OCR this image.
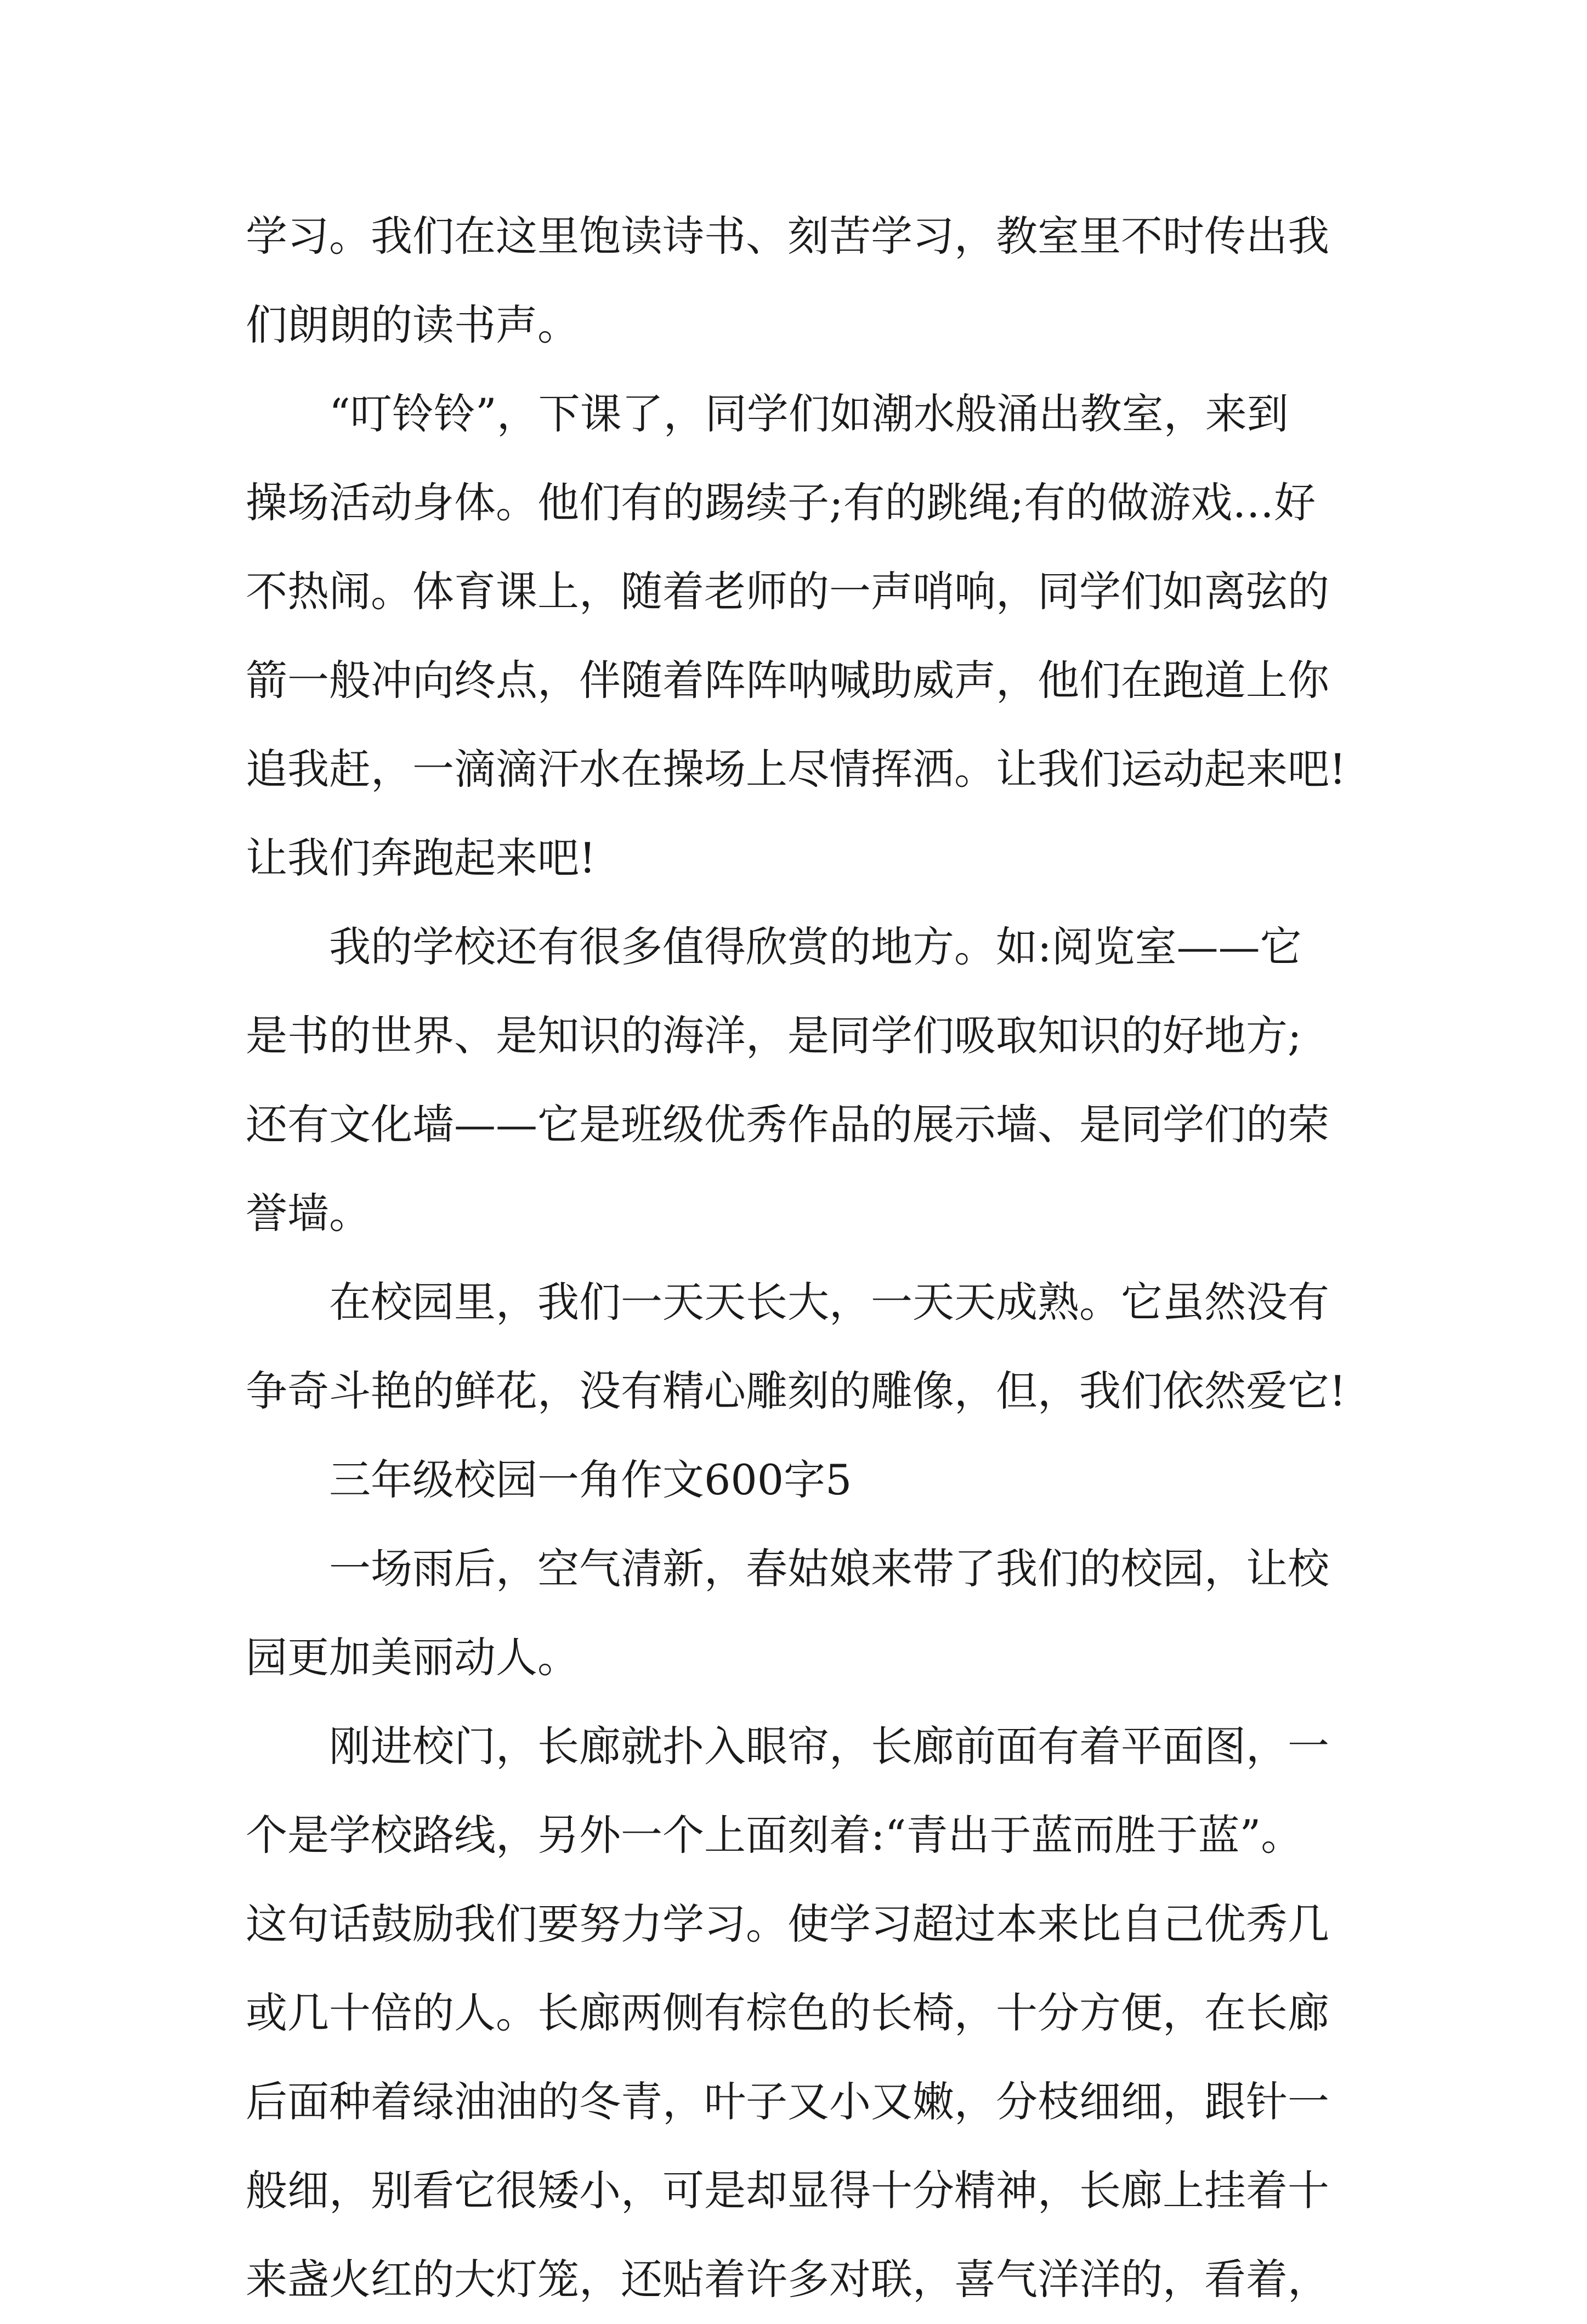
学习。我们在这里饱读诗书、刻苦学习，教室里不时传出我
们朗朗的读书声。
“叮铃铃”，下课了，同学们如潮水般涌出教室，来到
操场活动身体。他们有的踢续子;有的跳绳;有的做游戏…好
不热闹。体育课上，随着老师的一声哨响，同学们如离弦的
箭一般冲向终点，伴随着阵阵呐喊助威声，他们在跑道上你
追我赶，一滴滴汗水在操场上尽情挥洒。让我们运动起来吧!
让我们奔跑起来吧!
我的学校还有很多值得欣赏的地方。如:阅览室——它
是书的世界、是知识的海洋，是同学们吸取知识的好地方;
还有文化墙——它是班级优秀作品的展示墙、是同学们的荣
誉墙。
在校园里，我们一天天长大，一天天成熟。它虽然没有
争奇斗艳的鲜花，没有精心雕刻的雕像，但，我们依然爱它!
三年级校园一角作文600字5
一场雨后，空气清新，春姑娘来带了我们的校园，让校
园更加美丽动人。
刚进校门，长廊就扑入眼帘，长廊前面有着平面图，一
个是学校路线，另外一个上面刻着:“青出于蓝而胜于蓝”。
这句话鼓励我们要努力学习。使学习超过本来比自己优秀几
或几十倍的人。长廊两侧有棕色的长椅，十分方便，在长廊
后面种着绿油油的冬青，叶子又小又嫩，分枝细细，跟针一
般细，别看它很矮小，可是却显得十分精神，长廊上挂着十
来盏火红的大灯笼，还贴着许多对联，喜气洋洋的，看着，
